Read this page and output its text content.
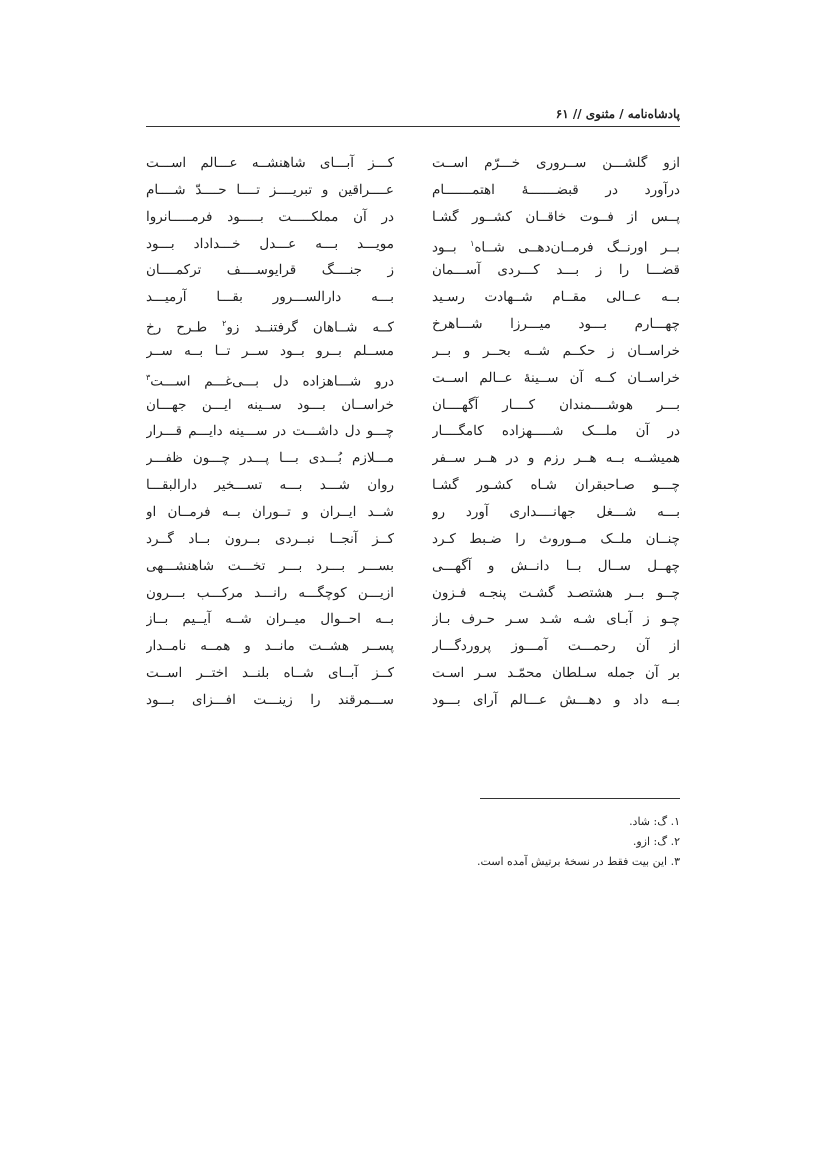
پادشاه‌نامه / مثنوی // ۶۱
ازو گلشـــن ســروری خـــرّم اســت
درآورد در قبضـــــــهٔ اهتمـــــــام
پــس از فــوت خاقــان کشــور گشـا
بــر اورنــگ فرمــان‌دهــی شــاه$^۱$ بــود
قضـــا را ز بـــد کـــردی آســـمان
بــه عــالی مقــام شــهادت رسـید
چهـــارم بـــود میـــرزا شـــاهرخ
خراســان ز حکــم شــه بحــر و بــر
خراســان کــه آن ســینهٔ عــالم اســت
بـــر هوشــــمندان کــــار آگهــــان
در آن ملـــک شـــــهزاده کامگــــار
همیشــه بــه هــر رزم و در هــر ســفر
چـــو صـاحبقران شـاه کشـور گشـا
بـــه شـــغل جهانــــداری آورد رو
چنــان ملــک مــوروث را ضـبط کـرد
چهــل ســال بــا دانــش و آگهـــی
چــو بــر هشتصـد گشـت پنجـه فـزون
چـو ز آبـای شـه شـد سـر حـرف بـاز
از آن رحمـــت آمـــوز پروردگـــار
بر آن جمله سـلطان محمّـد سـر اسـت
بــه داد و دهـــش عـــالم آرای بـــود
کـــز آبـــای شاهنشــه عـــالم اســـت
عــــراقین و تبریــــز تــــا حــــدّ شــــام
در آن مملکـــــت بـــــود فرمـــــانروا
مویـــد بـــه عـــدل خـــداداد بـــود
ز جنــــگ قرایوســــف ترکمــــان
بـــه دارالســـرور بقـــا آرمیـــد
کــه شــاهان گرفتنــد زو$^۲$ طـرح رخ
مســلم بــرو بــود ســر تــا بــه ســر
درو شـــاهزاده دل بـــی‌غـــم اســـت$^۳$
خراســان بـــود ســینه ایـــن جهـــان
چـــو دل داشـــت در ســـینه دایـــم قـــرار
مـــلازم بُـــدی بـــا پـــدر چـــون ظفـــر
روان شـــد بـــه تســـخیر دارالبقـــا
شــد ایــران و تــوران بــه فرمــان او
کــز آنجــا نبــردی بــرون بــاد گــرد
بســـر بـــرد بـــر تخـــت شاهنشـــهی
ازیـــن کوچگـــه رانـــد مرکـــب بـــرون
بــه احــوال میــران شــه آیــیم بــاز
پســر هشــت مانــد و همــه نامــدار
کــز آبــای شــاه بلنــد اختــر اســت
ســـمرقند را زینـــت افـــزای بـــود
۱. گ: شاد.
۲. گ: ازو.
۳. این بیت فقط در نسخهٔ برتیش آمده است.
